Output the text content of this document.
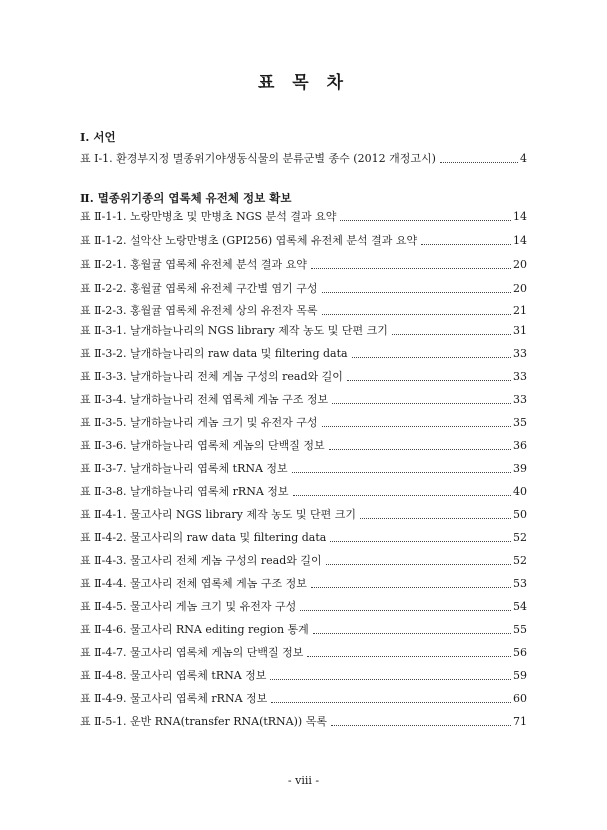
표 목 차
Ⅰ. 서언
표 Ⅰ-1. 환경부지정 멸종위기야생동식물의 분류군별 종수 (2012 개정고시)	4
Ⅱ. 멸종위기종의 엽록체 유전체 정보 확보
표 Ⅱ-1-1. 노랑만병초 및 만병초 NGS 분석 결과 요약	14
표 Ⅱ-1-2. 설악산 노랑만병초 (GPI256) 엽록체 유전체 분석 결과 요약	14
표 Ⅱ-2-1. 홍월귤 엽록체 유전체 분석 결과 요약	20
표 Ⅱ-2-2. 홍월귤 엽록체 유전체 구간별 염기 구성	20
표 Ⅱ-2-3. 홍월귤 엽록체 유전체 상의 유전자 목록	21
표 Ⅱ-3-1. 날개하늘나리의 NGS library 제작 농도 및 단편 크기	31
표 Ⅱ-3-2. 날개하늘나리의 raw data 및 filtering data	33
표 Ⅱ-3-3. 날개하늘나리 전체 게놈 구성의 read와 길이	33
표 Ⅱ-3-4. 날개하늘나리 전체 엽록체 게놈 구조 정보	33
표 Ⅱ-3-5. 날개하늘나리 게놈 크기 및 유전자 구성	35
표 Ⅱ-3-6. 날개하늘나리 엽록체 게놈의 단백질 정보	36
표 Ⅱ-3-7. 날개하늘나리 엽록체 tRNA 정보	39
표 Ⅱ-3-8. 날개하늘나리 엽록체 rRNA 정보	40
표 Ⅱ-4-1. 물고사리 NGS library 제작 농도 및 단편 크기	50
표 Ⅱ-4-2. 물고사리의 raw data 및 filtering data	52
표 Ⅱ-4-3. 물고사리 전체 게놈 구성의 read와 길이	52
표 Ⅱ-4-4. 물고사리 전체 엽록체 게놈 구조 정보	53
표 Ⅱ-4-5. 물고사리 게놈 크기 및 유전자 구성	54
표 Ⅱ-4-6. 물고사리 RNA editing region 통계	55
표 Ⅱ-4-7. 물고사리 엽록체 게놈의 단백질 정보	56
표 Ⅱ-4-8. 물고사리 엽록체 tRNA 정보	59
표 Ⅱ-4-9. 물고사리 엽록체 rRNA 정보	60
표 Ⅱ-5-1. 운반 RNA(transfer RNA(tRNA)) 목록	71
- viii -
